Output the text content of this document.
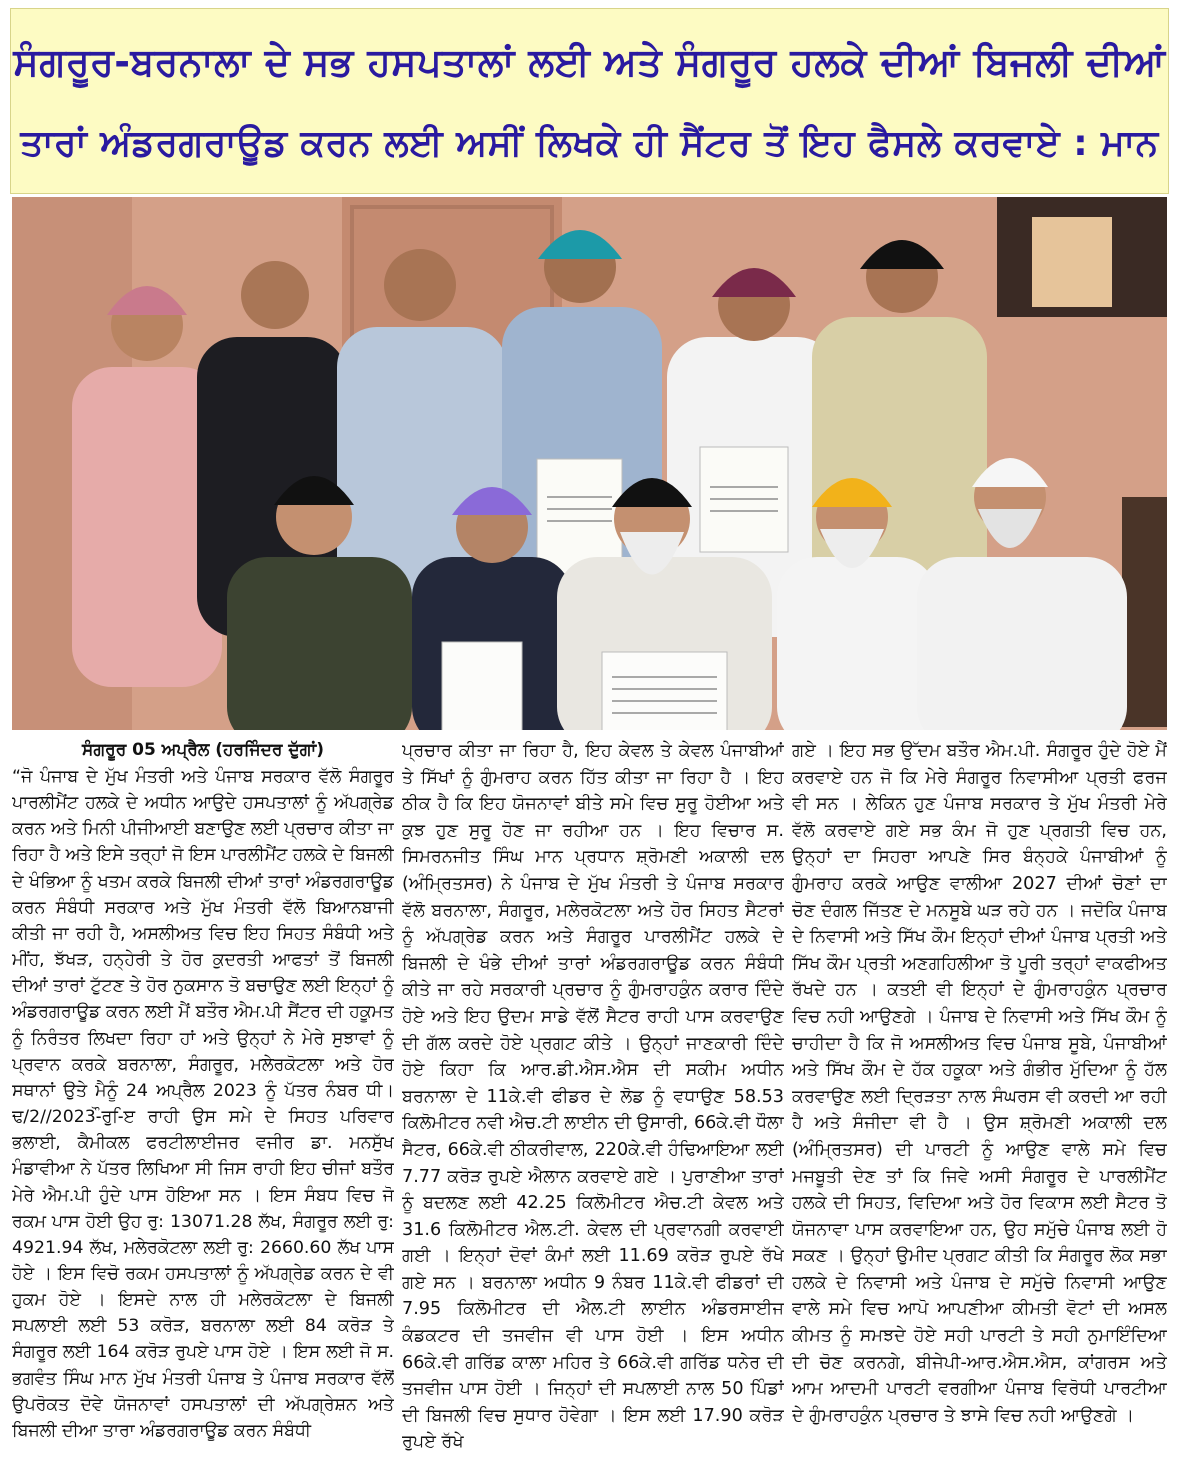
ਸੰਗਰੂਰ-ਬਰਨਾਲਾ ਦੇ ਸਭ ਹਸਪਤਾਲਾਂ ਲਈ ਅਤੇ ਸੰਗਰੂਰ ਹਲਕੇ ਦੀਆਂ ਬਿਜਲੀ ਦੀਆਂ
ਤਾਰਾਂ ਅੰਡਰਗਰਾਊਡ ਕਰਨ ਲਈ ਅਸੀਂ ਲਿਖਕੇ ਹੀ ਸੈਂਟਰ ਤੋਂ ਇਹ ਫੈਸਲੇ ਕਰਵਾਏ : ਮਾਨ
ਸੰਗਰੂਰ 05 ਅਪ੍ਰੈਲ (ਹਰਜਿੰਦਰ ਦੁੱਗਾਂ)

“ਜੋ ਪੰਜਾਬ ਦੇ ਮੁੱਖ ਮੰਤਰੀ ਅਤੇ ਪੰਜਾਬ ਸਰਕਾਰ ਵੱਲੋ ਸੰਗਰੂਰ ਪਾਰਲੀਮੈਂਟ ਹਲਕੇ ਦੇ ਅਧੀਨ ਆਉਦੇ ਹਸਪਤਾਲਾਂ ਨੂੰ ਅੱਪਗ੍ਰੇਡ ਕਰਨ ਅਤੇ ਮਿਨੀ ਪੀਜੀਆਈ ਬਣਾਉਣ ਲਈ ਪ੍ਰਚਾਰ ਕੀਤਾ ਜਾ ਰਿਹਾ ਹੈ ਅਤੇ ਇਸੇ ਤਰ੍ਹਾਂ ਜੋ ਇਸ ਪਾਰਲੀਮੈਂਟ ਹਲਕੇ ਦੇ ਬਿਜਲੀ ਦੇ ਖੰਭਿਆ ਨੂੰ ਖਤਮ ਕਰਕੇ ਬਿਜਲੀ ਦੀਆਂ ਤਾਰਾਂ ਅੰਡਰਗਰਾਊਡ ਕਰਨ ਸੰਬੰਧੀ ਸਰਕਾਰ ਅਤੇ ਮੁੱਖ ਮੰਤਰੀ ਵੱਲੋ ਬਿਆਨਬਾਜੀ ਕੀਤੀ ਜਾ ਰਹੀ ਹੈ, ਅਸਲੀਅਤ ਵਿਚ ਇਹ ਸਿਹਤ ਸੰਬੰਧੀ ਅਤੇ ਮੀਂਹ, ਝੱਖੜ, ਹਨ੍ਹੇਰੀ ਤੇ ਹੋਰ ਕੁਦਰਤੀ ਆਫਤਾਂ ਤੋਂ ਬਿਜਲੀ ਦੀਆਂ ਤਾਰਾਂ ਟੁੱਟਣ ਤੇ ਹੋਰ ਨੁਕਸਾਨ ਤੋ ਬਚਾਉਣ ਲਈ ਇਨ੍ਹਾਂ ਨੂੰ ਅੰਡਰਗਰਾਊਡ ਕਰਨ ਲਈ ਮੈਂ ਬਤੌਰ ਐਮ.ਪੀ ਸੈਂਟਰ ਦੀ ਹਕੂਮਤ ਨੂੰ ਨਿਰੰਤਰ ਲਿਖਦਾ ਰਿਹਾ ਹਾਂ ਅਤੇ ਉਨ੍ਹਾਂ ਨੇ ਮੇਰੇ ਸੁਝਾਵਾਂ ਨੂੰ ਪ੍ਰਵਾਨ ਕਰਕੇ ਬਰਨਾਲਾ, ਸੰਗਰੂਰ, ਮਲੇਰਕੋਟਲਾ ਅਤੇ ਹੋਰ ਸਥਾਨਾਂ ਉਤੇ ਮੈਨੂੰ 24 ਅਪ੍ਰੈਲ 2023 ਨੂੰ ਪੱਤਰ ਨੰਬਰ ਧੀ।ਢ/2//2023-ੌਰੁ-ਿੲ ਰਾਹੀ ਉਸ ਸਮੇ ਦੇ ਸਿਹਤ ਪਰਿਵਾਰ ਭਲਾਈ, ਕੈਮੀਕਲ ਫਰਟੀਲਾਈਜਰ ਵਜੀਰ ਡਾ. ਮਨਸੁੱਖ ਮੰਡਾਵੀਆ ਨੇ ਪੱਤਰ ਲਿਖਿਆ ਸੀ ਜਿਸ ਰਾਹੀ ਇਹ ਚੀਜਾਂ ਬਤੌਰ ਮੇਰੇ ਐਮ.ਪੀ ਹੁੰਦੇ ਪਾਸ ਹੋਇਆ ਸਨ । ਇਸ ਸੰਬਧ ਵਿਚ ਜੋ ਰਕਮ ਪਾਸ ਹੋਈ ਉਹ ਰੁ: 13071.28 ਲੱਖ, ਸੰਗਰੂਰ ਲਈ ਰੁ: 4921.94 ਲੱਖ, ਮਲੇਰਕੋਟਲਾ ਲਈ ਰੁ: 2660.60 ਲੱਖ ਪਾਸ ਹੋਏ । ਇਸ ਵਿਚੋ ਰਕਮ ਹਸਪਤਾਲਾਂ ਨੂੰ ਅੱਪਗ੍ਰੇਡ ਕਰਨ ਦੇ ਵੀ ਹੁਕਮ ਹੋਏ । ਇਸਦੇ ਨਾਲ ਹੀ ਮਲੇਰਕੋਟਲਾ ਦੇ ਬਿਜਲੀ ਸਪਲਾਈ ਲਈ 53 ਕਰੋੜ, ਬਰਨਾਲਾ ਲਈ 84 ਕਰੋੜ ਤੇ ਸੰਗਰੂਰ ਲਈ 164 ਕਰੋੜ ਰੁਪਏ ਪਾਸ ਹੋਏ । ਇਸ ਲਈ ਜੋ ਸ. ਭਗਵੰਤ ਸਿੰਘ ਮਾਨ ਮੁੱਖ ਮੰਤਰੀ ਪੰਜਾਬ ਤੇ ਪੰਜਾਬ ਸਰਕਾਰ ਵੱਲੋਂ ਉਪਰੋਕਤ ਦੋਵੇ ਯੋਜਨਾਵਾਂ ਹਸਪਤਾਲਾਂ ਦੀ ਅੱਪਗ੍ਰੇਸ਼ਨ ਅਤੇ ਬਿਜਲੀ ਦੀਆ ਤਾਰਾ ਅੰਡਰਗਰਾਊਡ ਕਰਨ ਸੰਬੰਧੀ

ਪ੍ਰਚਾਰ ਕੀਤਾ ਜਾ ਰਿਹਾ ਹੈ, ਇਹ ਕੇਵਲ ਤੇ ਕੇਵਲ ਪੰਜਾਬੀਆਂ ਤੇ ਸਿੱਖਾਂ ਨੂੰ ਗੁੰਮਰਾਹ ਕਰਨ ਹਿੱਤ ਕੀਤਾ ਜਾ ਰਿਹਾ ਹੈ । ਇਹ ਠੀਕ ਹੈ ਕਿ ਇਹ ਯੋਜਨਾਵਾਂ ਬੀਤੇ ਸਮੇ ਵਿਚ ਸੁਰੂ ਹੋਈਆ ਅਤੇ ਕੁਝ ਹੁਣ ਸੁਰੂ ਹੋਣ ਜਾ ਰਹੀਆ ਹਨ । ਇਹ ਵਿਚਾਰ ਸ. ਸਿਮਰਨਜੀਤ ਸਿੰਘ ਮਾਨ ਪ੍ਰਧਾਨ ਸ਼੍ਰੋਮਣੀ ਅਕਾਲੀ ਦਲ (ਅੰਮ੍ਰਿਤਸਰ) ਨੇ ਪੰਜਾਬ ਦੇ ਮੁੱਖ ਮੰਤਰੀ ਤੇ ਪੰਜਾਬ ਸਰਕਾਰ ਵੱਲੋ ਬਰਨਾਲਾ, ਸੰਗਰੂਰ, ਮਲੇਰਕੋਟਲਾ ਅਤੇ ਹੋਰ ਸਿਹਤ ਸੈਟਰਾਂ ਨੂੰ ਅੱਪਗ੍ਰੇਡ ਕਰਨ ਅਤੇ ਸੰਗਰੂਰ ਪਾਰਲੀਮੈਂਟ ਹਲਕੇ ਦੇ ਬਿਜਲੀ ਦੇ ਖੰਭੇ ਦੀਆਂ ਤਾਰਾਂ ਅੰਡਰਗਰਾਊਡ ਕਰਨ ਸੰਬੰਧੀ ਕੀਤੇ ਜਾ ਰਹੇ ਸਰਕਾਰੀ ਪ੍ਰਚਾਰ ਨੂੰ ਗੁੰਮਰਾਹਕੁੰਨ ਕਰਾਰ ਦਿੰਦੇ ਹੋਏ ਅਤੇ ਇਹ ਉਦਮ ਸਾਡੇ ਵੱਲੋਂ ਸੈਟਰ ਰਾਹੀ ਪਾਸ ਕਰਵਾਉਣ ਦੀ ਗੱਲ ਕਰਦੇ ਹੋਏ ਪ੍ਰਗਟ ਕੀਤੇ । ਉਨ੍ਹਾਂ ਜਾਣਕਾਰੀ ਦਿੰਦੇ ਹੋਏ ਕਿਹਾ ਕਿ ਆਰ.ਡੀ.ਐਸ.ਐਸ ਦੀ ਸਕੀਮ ਅਧੀਨ ਬਰਨਾਲਾ ਦੇ 11ਕੇ.ਵੀ ਫੀਡਰ ਦੇ ਲੋਡ ਨੂੰ ਵਧਾਉਣ 58.53 ਕਿਲੋਮੀਟਰ ਨਵੀ ਐਚ.ਟੀ ਲਾਈਨ ਦੀ ਉਸਾਰੀ, 66ਕੇ.ਵੀ ਧੌਲਾ ਸੈਟਰ, 66ਕੇ.ਵੀ ਠੀਕਰੀਵਾਲ, 220ਕੇ.ਵੀ ਹੰਢਿਆਇਆ ਲਈ 7.77 ਕਰੋੜ ਰੁਪਏ ਐਲਾਨ ਕਰਵਾਏ ਗਏ । ਪੁਰਾਣੀਆ ਤਾਰਾਂ ਨੂੰ ਬਦਲਣ ਲਈ 42.25 ਕਿਲੋਮੀਟਰ ਐਚ.ਟੀ ਕੇਵਲ ਅਤੇ 31.6 ਕਿਲੋਮੀਟਰ ਐਲ.ਟੀ. ਕੇਵਲ ਦੀ ਪ੍ਰਵਾਨਗੀ ਕਰਵਾਈ ਗਈ । ਇਨ੍ਹਾਂ ਦੋਵਾਂ ਕੰਮਾਂ ਲਈ 11.69 ਕਰੋੜ ਰੁਪਏ ਰੱਖੇ ਗਏ ਸਨ । ਬਰਨਾਲਾ ਅਧੀਨ 9 ਨੰਬਰ 11ਕੇ.ਵੀ ਫੀਡਰਾਂ ਦੀ 7.95 ਕਿਲੋਮੀਟਰ ਦੀ ਐਲ.ਟੀ ਲਾਈਨ ਅੰਡਰਸਾਈਜ ਕੰਡਕਟਰ ਦੀ ਤਜਵੀਜ ਵੀ ਪਾਸ ਹੋਈ । ਇਸ ਅਧੀਨ 66ਕੇ.ਵੀ ਗਰਿੱਡ ਕਾਲਾ ਮਹਿਰ ਤੇ 66ਕੇ.ਵੀ ਗਰਿੱਡ ਧਨੇਰ ਦੀ ਤਜਵੀਜ ਪਾਸ ਹੋਈ । ਜਿਨ੍ਹਾਂ ਦੀ ਸਪਲਾਈ ਨਾਲ 50 ਪਿੰਡਾਂ ਦੀ ਬਿਜਲੀ ਵਿਚ ਸੁਧਾਰ ਹੋਵੇਗਾ । ਇਸ ਲਈ 17.90 ਕਰੋੜ ਰੁਪਏ ਰੱਖੇ

ਗਏ । ਇਹ ਸਭ ਉੱਦਮ ਬਤੌਰ ਐਮ.ਪੀ. ਸੰਗਰੂਰ ਹੁੰਦੇ ਹੋਏ ਮੈਂ ਕਰਵਾਏ ਹਨ ਜੋ ਕਿ ਮੇਰੇ ਸੰਗਰੂਰ ਨਿਵਾਸੀਆ ਪ੍ਰਤੀ ਫਰਜ ਵੀ ਸਨ । ਲੇਕਿਨ ਹੁਣ ਪੰਜਾਬ ਸਰਕਾਰ ਤੇ ਮੁੱਖ ਮੰਤਰੀ ਮੇਰੇ ਵੱਲੋ ਕਰਵਾਏ ਗਏ ਸਭ ਕੰਮ ਜੋ ਹੁਣ ਪ੍ਰਗਤੀ ਵਿਚ ਹਨ, ਉਨ੍ਹਾਂ ਦਾ ਸਿਹਰਾ ਆਪਣੇ ਸਿਰ ਬੰਨ੍ਹਕੇ ਪੰਜਾਬੀਆਂ ਨੂੰ ਗੁੰਮਰਾਹ ਕਰਕੇ ਆਉਣ ਵਾਲੀਆ 2027 ਦੀਆਂ ਚੋਣਾਂ ਦਾ ਚੋਣ ਦੰਗਲ ਜਿੱਤਣ ਦੇ ਮਨਸੂਬੇ ਘੜ ਰਹੇ ਹਨ । ਜਦੋਕਿ ਪੰਜਾਬ ਦੇ ਨਿਵਾਸੀ ਅਤੇ ਸਿੱਖ ਕੌਮ ਇਨ੍ਹਾਂ ਦੀਆਂ ਪੰਜਾਬ ਪ੍ਰਤੀ ਅਤੇ ਸਿੱਖ ਕੌਮ ਪ੍ਰਤੀ ਅਣਗਹਿਲੀਆ ਤੋ ਪੂਰੀ ਤਰ੍ਹਾਂ ਵਾਕਫੀਅਤ ਰੱਖਦੇ ਹਨ । ਕਤਈ ਵੀ ਇਨ੍ਹਾਂ ਦੇ ਗੁੰਮਰਾਹਕੁੰਨ ਪ੍ਰਚਾਰ ਵਿਚ ਨਹੀ ਆਉਣਗੇ । ਪੰਜਾਬ ਦੇ ਨਿਵਾਸੀ ਅਤੇ ਸਿੱਖ ਕੌਮ ਨੂੰ ਚਾਹੀਦਾ ਹੈ ਕਿ ਜੋ ਅਸਲੀਅਤ ਵਿਚ ਪੰਜਾਬ ਸੂਬੇ, ਪੰਜਾਬੀਆਂ ਅਤੇ ਸਿੱਖ ਕੌਮ ਦੇ ਹੱਕ ਹਕੂਕਾ ਅਤੇ ਗੰਭੀਰ ਮੁੱਦਿਆ ਨੂੰ ਹੱਲ ਕਰਵਾਉਣ ਲਈ ਦ੍ਰਿੜਤਾ ਨਾਲ ਸੰਘਰਸ ਵੀ ਕਰਦੀ ਆ ਰਹੀ ਹੈ ਅਤੇ ਸੰਜੀਦਾ ਵੀ ਹੈ । ਉਸ ਸ਼੍ਰੋਮਣੀ ਅਕਾਲੀ ਦਲ (ਅੰਮ੍ਰਿਤਸਰ) ਦੀ ਪਾਰਟੀ ਨੂੰ ਆਉਣ ਵਾਲੇ ਸਮੇ ਵਿਚ ਮਜਬੂਤੀ ਦੇਣ ਤਾਂ ਕਿ ਜਿਵੇ ਅਸੀ ਸੰਗਰੂਰ ਦੇ ਪਾਰਲੀਮੈਂਟ ਹਲਕੇ ਦੀ ਸਿਹਤ, ਵਿਦਿਆ ਅਤੇ ਹੋਰ ਵਿਕਾਸ ਲਈ ਸੈਟਰ ਤੋ ਯੋਜਨਾਵਾ ਪਾਸ ਕਰਵਾਇਆ ਹਨ, ਉਹ ਸਮੁੱਚੇ ਪੰਜਾਬ ਲਈ ਹੋ ਸਕਣ । ਉਨ੍ਹਾਂ ਉਮੀਦ ਪ੍ਰਗਟ ਕੀਤੀ ਕਿ ਸੰਗਰੂਰ ਲੋਕ ਸਭਾ ਹਲਕੇ ਦੇ ਨਿਵਾਸੀ ਅਤੇ ਪੰਜਾਬ ਦੇ ਸਮੁੱਚੇ ਨਿਵਾਸੀ ਆਉਣ ਵਾਲੇ ਸਮੇ ਵਿਚ ਆਪੋ ਆਪਣੀਆ ਕੀਮਤੀ ਵੋਟਾਂ ਦੀ ਅਸਲ ਕੀਮਤ ਨੂੰ ਸਮਝਦੇ ਹੋਏ ਸਹੀ ਪਾਰਟੀ ਤੇ ਸਹੀ ਨੁਮਾਇੰਦਿਆ ਦੀ ਚੋਣ ਕਰਨਗੇ, ਬੀਜੇਪੀ-ਆਰ.ਐਸ.ਐਸ, ਕਾਂਗਰਸ ਅਤੇ ਆਮ ਆਦਮੀ ਪਾਰਟੀ ਵਰਗੀਆ ਪੰਜਾਬ ਵਿਰੋਧੀ ਪਾਰਟੀਆ ਦੇ ਗੁੰਮਰਾਹਕੁੰਨ ਪ੍ਰਚਾਰ ਤੇ ਝਾਸੇ ਵਿਚ ਨਹੀ ਆਉਣਗੇ ।
